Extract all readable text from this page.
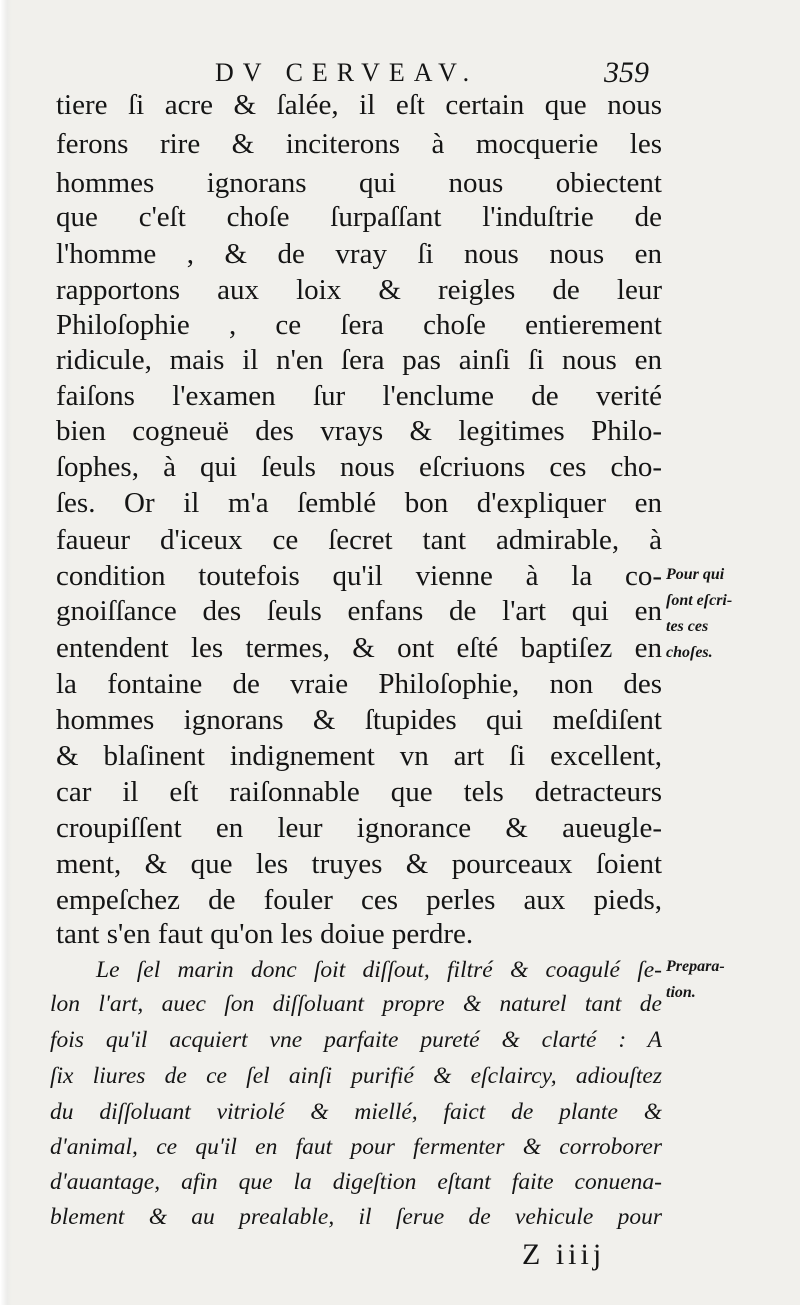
DV CERVEAV.	359
tiere ſi acre & ſalée, il eſt certain que nous
ferons rire & inciterons à mocquerie les
hommes ignorans qui nous obiectent
que c'eſt choſe ſurpaſſant l'induſtrie de
l'homme , & de vray ſi nous nous en
rapportons aux loix & reigles de leur
Philoſophie , ce ſera choſe entierement
ridicule, mais il n'en ſera pas ainſi ſi nous en
faiſons l'examen ſur l'enclume de verité
bien cogneuë des vrays & legitimes Philo-
ſophes, à qui ſeuls nous eſcriuons ces cho-
ſes. Or il m'a ſemblé bon d'expliquer en
faueur d'iceux ce ſecret tant admirable, à
condition toutefois qu'il vienne à la co-
gnoiſſance des ſeuls enfans de l'art qui en
entendent les termes, & ont eſté baptiſez en
la fontaine de vraie Philoſophie, non des
hommes ignorans & ſtupides qui meſdiſent
& blaſinent indignement vn art ſi excellent,
car il eſt raiſonnable que tels detracteurs
croupiſſent en leur ignorance & aueugle-
ment, & que les truyes & pourceaux ſoient
empeſchez de fouler ces perles aux pieds,
tant s'en faut qu'on les doiue perdre.
Le ſel marin donc ſoit diſſout, filtré & coagulé ſe-
lon l'art, auec ſon diſſoluant propre & naturel tant de
fois qu'il acquiert vne parfaite pureté & clarté : A
ſix liures de ce ſel ainſi purifié & eſclaircy, adiouſtez
du diſſoluant vitriolé & miellé, faict de plante &
d'animal, ce qu'il en faut pour fermenter & corroborer
d'auantage, afin que la digeſtion eſtant faite conuena-
blement & au prealable, il ſerue de vehicule pour
Pour qui
ſont eſcri-
tes ces
choſes.
Prepara-
tion.
Z iiij
